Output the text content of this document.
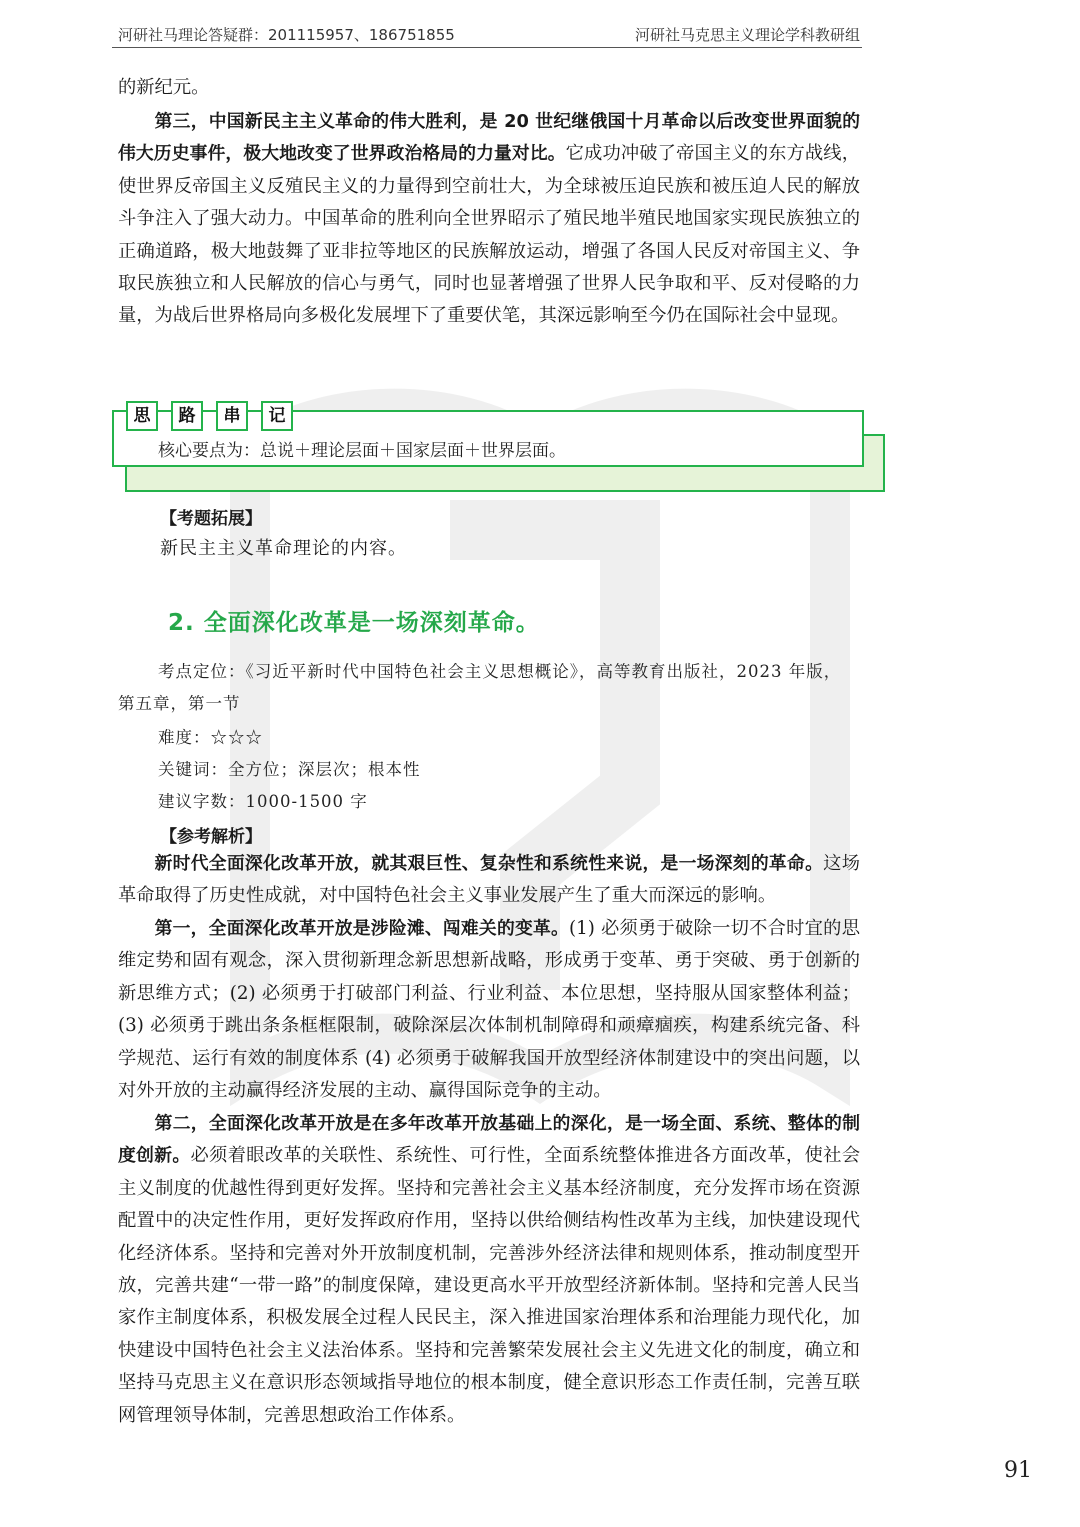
河研社马理论答疑群：201115957、186751855	河研社马克思主义理论学科教研组

的新纪元。

第三，中国新民主主义革命的伟大胜利，是 20 世纪继俄国十月革命以后改变世界面貌的伟大历史事件，极大地改变了世界政治格局的力量对比。它成功冲破了帝国主义的东方战线，使世界反帝国主义反殖民主义的力量得到空前壮大，为全球被压迫民族和被压迫人民的解放斗争注入了强大动力。中国革命的胜利向全世界昭示了殖民地半殖民地国家实现民族独立的正确道路，极大地鼓舞了亚非拉等地区的民族解放运动，增强了各国人民反对帝国主义、争取民族独立和人民解放的信心与勇气，同时也显著增强了世界人民争取和平、反对侵略的力量，为战后世界格局向多极化发展埋下了重要伏笔，其深远影响至今仍在国际社会中显现。

思	路	串	记
核心要点为：总说＋理论层面＋国家层面＋世界层面。
【考题拓展】
新民主主义革命理论的内容。
2. 全面深化改革是一场深刻革命。
考点定位：《习近平新时代中国特色社会主义思想概论》，高等教育出版社，2023 年版，
第五章，第一节
难度：☆☆☆
关键词：全方位；深层次；根本性
建议字数：1000-1500 字
【参考解析】

新时代全面深化改革开放，就其艰巨性、复杂性和系统性来说，是一场深刻的革命。这场革命取得了历史性成就，对中国特色社会主义事业发展产生了重大而深远的影响。

第一，全面深化改革开放是涉险滩、闯难关的变革。(1) 必须勇于破除一切不合时宜的思维定势和固有观念，深入贯彻新理念新思想新战略，形成勇于变革、勇于突破、勇于创新的新思维方式；(2) 必须勇于打破部门利益、行业利益、本位思想，坚持服从国家整体利益；(3) 必须勇于跳出条条框框限制，破除深层次体制机制障碍和顽瘴痼疾，构建系统完备、科学规范、运行有效的制度体系 (4) 必须勇于破解我国开放型经济体制建设中的突出问题，以对外开放的主动赢得经济发展的主动、赢得国际竞争的主动。

第二，全面深化改革开放是在多年改革开放基础上的深化，是一场全面、系统、整体的制度创新。必须着眼改革的关联性、系统性、可行性，全面系统整体推进各方面改革，使社会主义制度的优越性得到更好发挥。坚持和完善社会主义基本经济制度，充分发挥市场在资源配置中的决定性作用，更好发挥政府作用，坚持以供给侧结构性改革为主线，加快建设现代化经济体系。坚持和完善对外开放制度机制，完善涉外经济法律和规则体系，推动制度型开放，完善共建“一带一路”的制度保障，建设更高水平开放型经济新体制。坚持和完善人民当家作主制度体系，积极发展全过程人民民主，深入推进国家治理体系和治理能力现代化，加快建设中国特色社会主义法治体系。坚持和完善繁荣发展社会主义先进文化的制度，确立和坚持马克思主义在意识形态领域指导地位的根本制度，健全意识形态工作责任制，完善互联网管理领导体制，完善思想政治工作体系。

91
